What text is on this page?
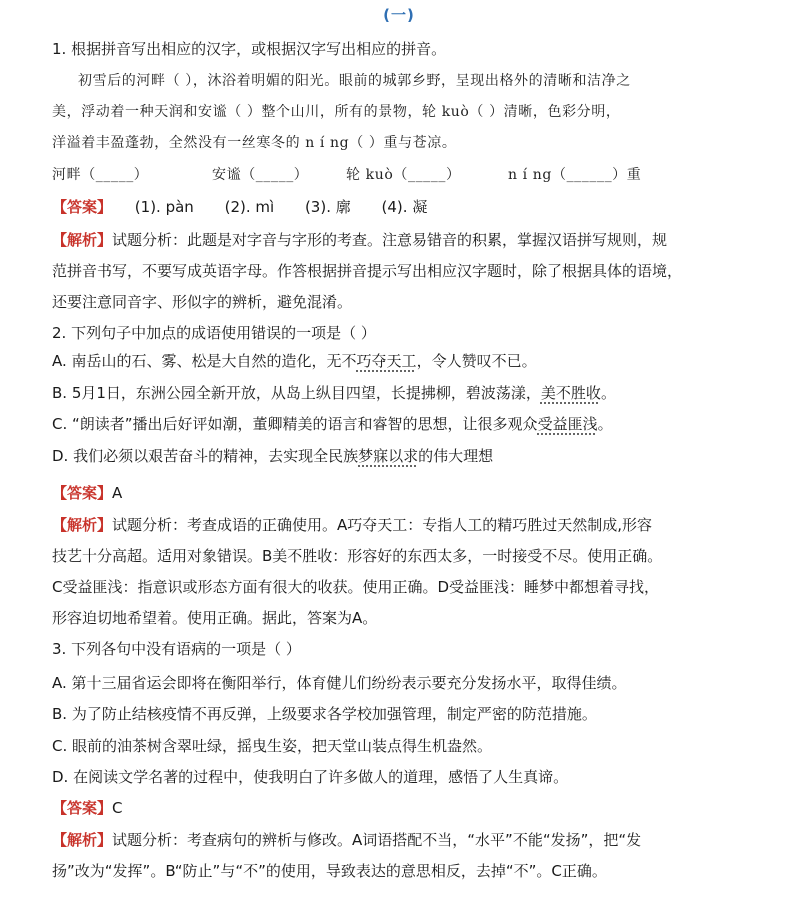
(一)
1. 根据拼音写出相应的汉字，或根据汉字写出相应的拼音。
初雪后的河畔（ ），沐浴着明媚的阳光。眼前的城郭乡野，呈现出格外的清晰和洁净之
美，浮动着一种天润和安谧（ ）整个山川，所有的景物，轮 kuò（ ）清晰，色彩分明，
洋溢着丰盈蓬勃，全然没有一丝寒冬的 n í ng（ ）重与苍凉。
河畔（_____）	安谧（_____）	轮 kuò（_____）	n í ng（______）重
【答案】 (1). pàn (2). mì (3). 廓 (4). 凝
【解析】试题分析：此题是对字音与字形的考查。注意易错音的积累，掌握汉语拼写规则，规
范拼音书写，不要写成英语字母。作答根据拼音提示写出相应汉字题时，除了根据具体的语境，
还要注意同音字、形似字的辨析，避免混淆。
2. 下列句子中加点的成语使用错误的一项是（ ）
A. 南岳山的石、雾、松是大自然的造化，无不巧夺天工，令人赞叹不已。
B. 5月1日，东洲公园全新开放，从岛上纵目四望，长提拂柳，碧波荡漾，美不胜收。
C. “朗读者”播出后好评如潮，董卿精美的语言和睿智的思想，让很多观众受益匪浅。
D. 我们必须以艰苦奋斗的精神，去实现全民族梦寐以求的伟大理想
【答案】A
【解析】试题分析：考查成语的正确使用。A巧夺天工：专指人工的精巧胜过天然制成,形容
技艺十分高超。适用对象错误。B美不胜收：形容好的东西太多，一时接受不尽。使用正确。
C受益匪浅：指意识或形态方面有很大的收获。使用正确。D受益匪浅：睡梦中都想着寻找，
形容迫切地希望着。使用正确。据此，答案为A。
3. 下列各句中没有语病的一项是（ ）
A. 第十三届省运会即将在衡阳举行，体育健儿们纷纷表示要充分发扬水平，取得佳绩。
B. 为了防止结核疫情不再反弹，上级要求各学校加强管理，制定严密的防范措施。
C. 眼前的油茶树含翠吐绿，摇曳生姿，把天堂山装点得生机盎然。
D. 在阅读文学名著的过程中，使我明白了许多做人的道理，感悟了人生真谛。
【答案】C
【解析】试题分析：考查病句的辨析与修改。A词语搭配不当，“水平”不能“发扬”，把“发
扬”改为“发挥”。B“防止”与“不”的使用，导致表达的意思相反，去掉“不”。C正确。
